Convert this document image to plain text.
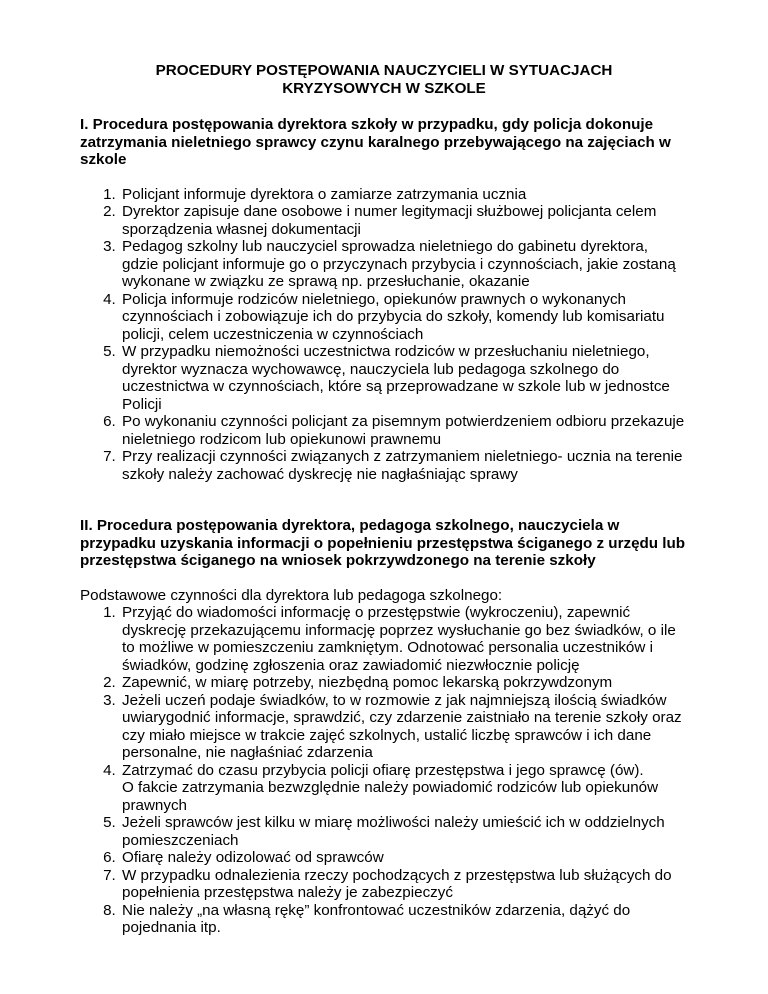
PROCEDURY POSTĘPOWANIA NAUCZYCIELI W SYTUACJACH
KRYZYSOWYCH W SZKOLE
I. Procedura postępowania dyrektora szkoły w przypadku, gdy policja dokonuje zatrzymania nieletniego sprawcy czynu karalnego przebywającego na zajęciach w szkole
1. Policjant informuje dyrektora o zamiarze zatrzymania ucznia
2. Dyrektor zapisuje dane osobowe i numer legitymacji służbowej policjanta celem sporządzenia własnej dokumentacji
3. Pedagog szkolny lub nauczyciel sprowadza nieletniego do gabinetu dyrektora, gdzie policjant informuje go o przyczynach przybycia i czynnościach, jakie zostaną wykonane w związku ze sprawą np. przesłuchanie, okazanie
4. Policja informuje rodziców nieletniego, opiekunów prawnych o wykonanych czynnościach i zobowiązuje ich do przybycia do szkoły, komendy lub komisariatu policji, celem uczestniczenia w czynnościach
5. W przypadku niemożności uczestnictwa rodziców w przesłuchaniu nieletniego, dyrektor wyznacza wychowawcę, nauczyciela lub pedagoga szkolnego do uczestnictwa w czynnościach, które są przeprowadzane w szkole lub w jednostce Policji
6. Po wykonaniu czynności policjant za pisemnym potwierdzeniem odbioru przekazuje nieletniego rodzicom lub opiekunowi prawnemu
7. Przy realizacji czynności związanych z zatrzymaniem nieletniego- ucznia na terenie szkoły należy zachować dyskrecję nie nagłaśniając sprawy
II. Procedura postępowania dyrektora, pedagoga szkolnego, nauczyciela w przypadku uzyskania informacji o popełnieniu przestępstwa ściganego z urzędu lub przestępstwa ściganego na wniosek pokrzywdzonego na terenie szkoły

Podstawowe czynności dla dyrektora lub pedagoga szkolnego:

1. Przyjąć do wiadomości informację o przestępstwie (wykroczeniu), zapewnić dyskrecję przekazującemu informację poprzez wysłuchanie go bez świadków, o ile to możliwe w pomieszczeniu zamkniętym. Odnotować personalia uczestników i świadków, godzinę zgłoszenia oraz zawiadomić niezwłocznie policję
2. Zapewnić, w miarę potrzeby, niezbędną pomoc lekarską pokrzywdzonym
3. Jeżeli uczeń podaje świadków, to w rozmowie z jak najmniejszą ilością świadków uwiarygodnić informacje, sprawdzić, czy zdarzenie zaistniało na terenie szkoły oraz czy miało miejsce w trakcie zajęć szkolnych, ustalić liczbę sprawców i ich dane personalne, nie nagłaśniać zdarzenia
4. Zatrzymać do czasu przybycia policji ofiarę przestępstwa i jego sprawcę (ów).
O fakcie zatrzymania bezwzględnie należy powiadomić rodziców lub opiekunów prawnych
5. Jeżeli sprawców jest kilku w miarę możliwości należy umieścić ich w oddzielnych pomieszczeniach
6. Ofiarę należy odizolować od sprawców
7. W przypadku odnalezienia rzeczy pochodzących z przestępstwa lub służących do popełnienia przestępstwa należy je zabezpieczyć
8. Nie należy „na własną rękę” konfrontować uczestników zdarzenia, dążyć do pojednania itp.
